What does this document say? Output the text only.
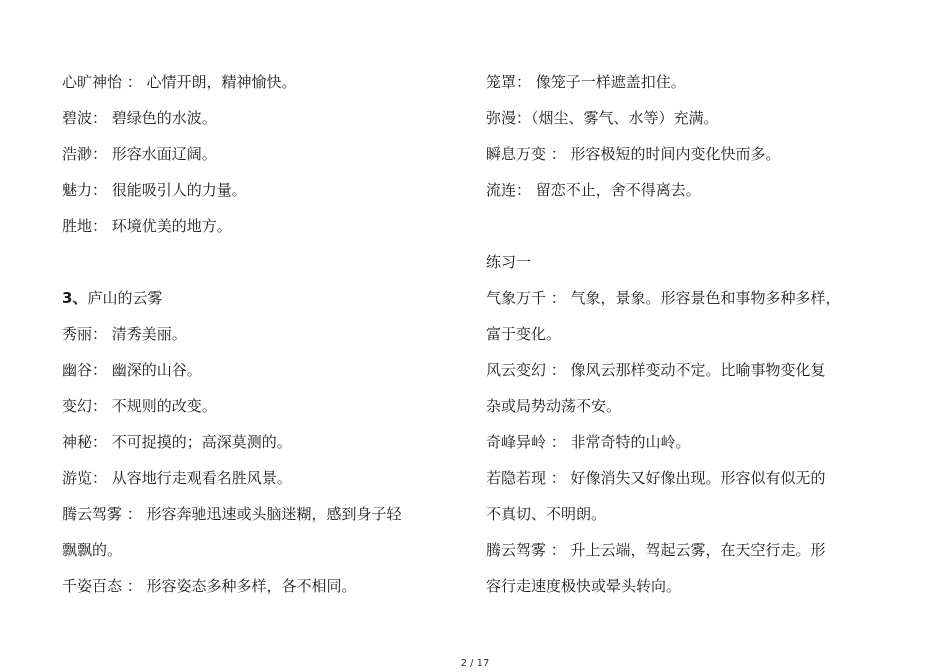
心旷神怡 ： 心情开朗，精神愉快。
碧波： 碧绿色的水波。
浩渺： 形容水面辽阔。
魅力： 很能吸引人的力量。
胜地： 环境优美的地方。
3、庐山的云雾
秀丽： 清秀美丽。
幽谷： 幽深的山谷。
变幻： 不规则的改变。
神秘： 不可捉摸的；高深莫测的。
游览： 从容地行走观看名胜风景。
腾云驾雾 ： 形容奔驰迅速或头脑迷糊，感到身子轻
飘飘的。
千姿百态 ： 形容姿态多种多样，各不相同。
笼罩： 像笼子一样遮盖扣住。
弥漫：（烟尘、雾气、水等）充满。
瞬息万变 ： 形容极短的时间内变化快而多。
流连： 留恋不止，舍不得离去。
练习一
气象万千 ： 气象，景象。形容景色和事物多种多样，
富于变化。
风云变幻 ： 像风云那样变动不定。比喻事物变化复
杂或局势动荡不安。
奇峰异岭 ： 非常奇特的山岭。
若隐若现 ： 好像消失又好像出现。形容似有似无的
不真切、不明朗。
腾云驾雾 ： 升上云端，驾起云雾，在天空行走。形
容行走速度极快或晕头转向。
2 / 17
